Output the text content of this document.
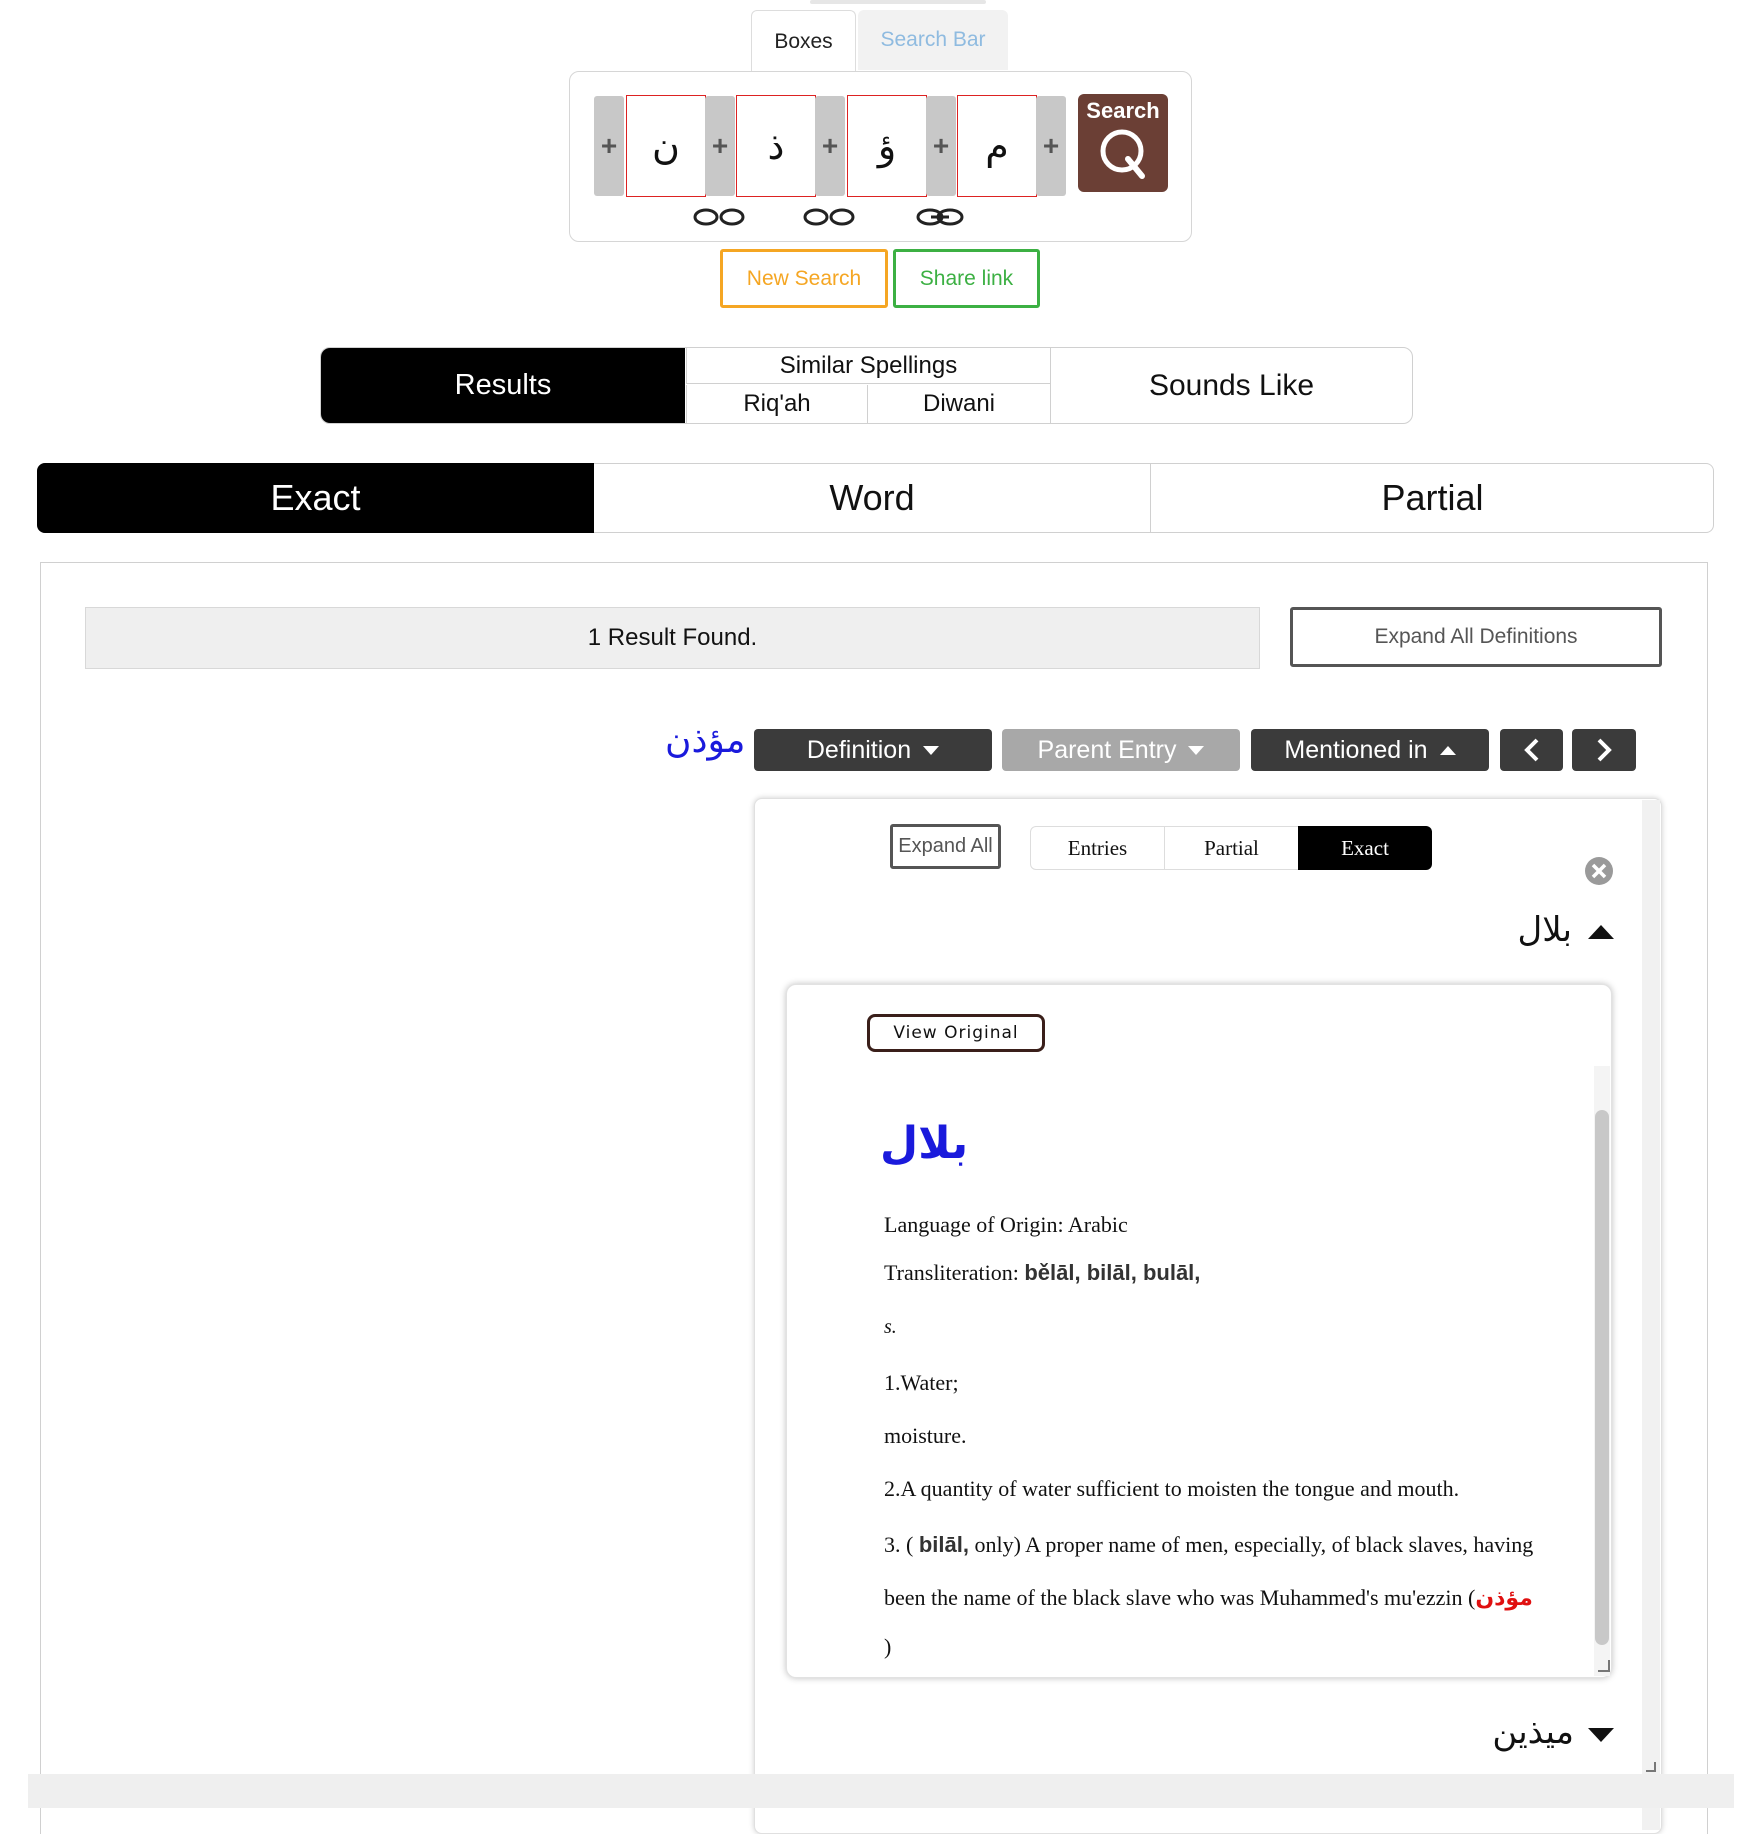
Boxes	Search Bar
+ ن	+	ذ	+	ؤ	+ م	+
Search
New Search	Share link
Results
Similar Spellings
Riq'ah	Diwani
Sounds Like
Exact	Word	Partial
1 Result Found.	Expand All Definitions
مؤذن Definition	Parent Entry	Mentioned in
Expand All	Entries	Partial	Exact
بلال
View Original
بلال
Language of Origin: Arabic
Transliteration: bělāl, bilāl, bulāl,
s.
1.Water;
moisture.
2.A quantity of water sufficient to moisten the tongue and mouth.
3. ( bilāl, only) A proper name of men, especially, of black slaves, having
been the name of the black slave who was Muhammed's mu'ezzin (مؤذن
)
میذین
